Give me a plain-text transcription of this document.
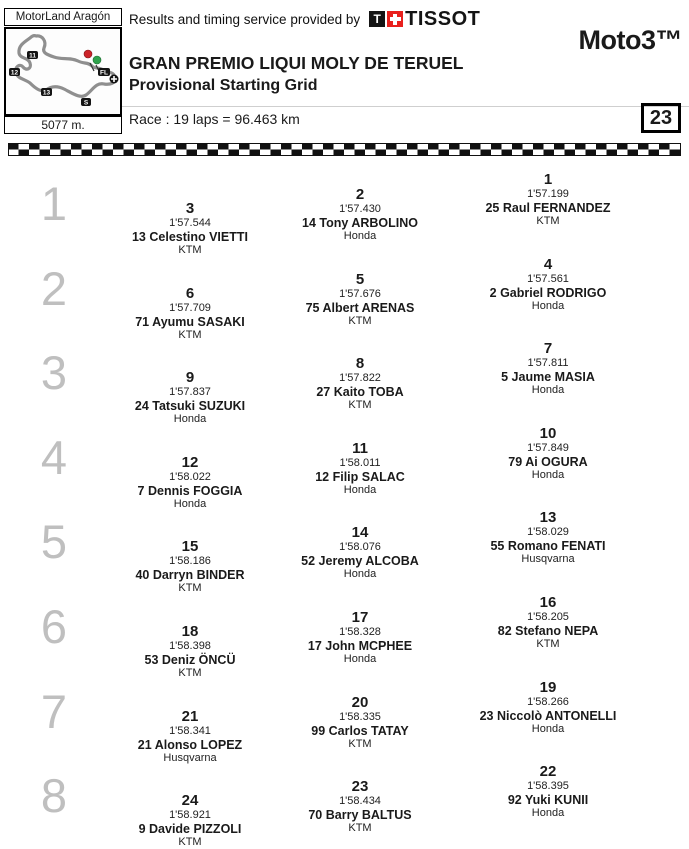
MotorLand Aragón
11
12
13
S
FL
5077 m.
Results and timing service provided by	T TISSOT
Moto3™
GRAN PREMIO LIQUI MOLY DE TERUEL
Provisional Starting Grid
Race : 19 laps = 96.463 km	23
1	1
1'57.199
25 Raul FERNANDEZ
KTM
2
1'57.430
14 Tony ARBOLINO
Honda
3
1'57.544
13 Celestino VIETTI
KTM
2	4
1'57.561
2 Gabriel RODRIGO
Honda
5
1'57.676
75 Albert ARENAS
KTM
6
1'57.709
71 Ayumu SASAKI
KTM
3	7
1'57.811
5 Jaume MASIA
Honda
8
1'57.822
27 Kaito TOBA
KTM
9
1'57.837
24 Tatsuki SUZUKI
Honda
4	10
1'57.849
79 Ai OGURA
Honda
11
1'58.011
12 Filip SALAC
Honda
12
1'58.022
7 Dennis FOGGIA
Honda
5	13
1'58.029
55 Romano FENATI
Husqvarna
14
1'58.076
52 Jeremy ALCOBA
Honda
15
1'58.186
40 Darryn BINDER
KTM
6	16
1'58.205
82 Stefano NEPA
KTM
17
1'58.328
17 John MCPHEE
Honda
18
1'58.398
53 Deniz ÖNCÜ
KTM
7	19
1'58.266
23 Niccolò ANTONELLI
Honda
20
1'58.335
99 Carlos TATAY
KTM
21
1'58.341
21 Alonso LOPEZ
Husqvarna
8	22
1'58.395
92 Yuki KUNII
Honda
23
1'58.434
70 Barry BALTUS
KTM
24
1'58.921
9 Davide PIZZOLI
KTM
